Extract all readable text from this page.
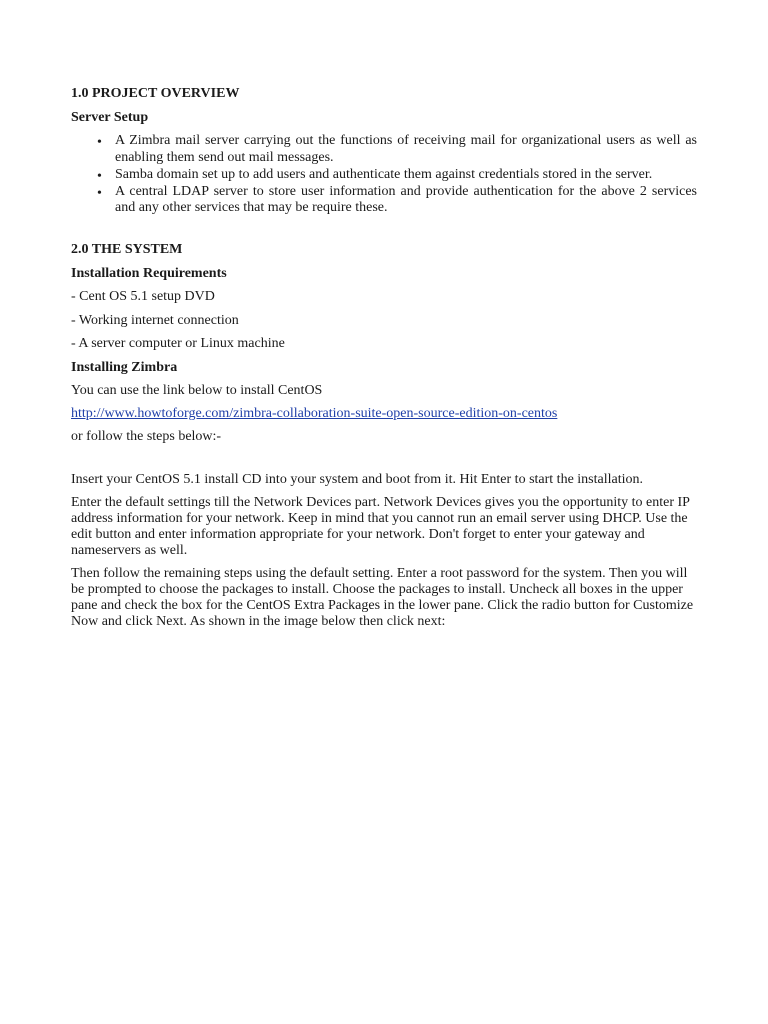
1.0 PROJECT OVERVIEW
Server Setup
• A Zimbra mail server carrying out the functions of receiving mail for organizational users as well as enabling them send out mail messages.
• Samba domain set up to add users and authenticate them against credentials stored in the server.
• A central LDAP server to store user information and provide authentication for the above 2 services and any other services that may be require these.
2.0 THE SYSTEM
Installation Requirements
- Cent OS 5.1 setup DVD
- Working internet connection
- A server computer or Linux machine
Installing Zimbra
You can use the link below to install CentOS
http://www.howtoforge.com/zimbra-collaboration-suite-open-source-edition-on-centos
or follow the steps below:-
Insert your CentOS 5.1 install CD into your system and boot from it. Hit Enter to start the installation.
Enter the default settings till the Network Devices part. Network Devices gives you the opportunity to enter IP address information for your network. Keep in mind that you cannot run an email server using DHCP. Use the edit button and enter information appropriate for your network. Don't forget to enter your gateway and nameservers as well.
Then follow the remaining steps using the default setting. Enter a root password for the system. Then you will be prompted to choose the packages to install. Choose the packages to install. Uncheck all boxes in the upper pane and check the box for the CentOS Extra Packages in the lower pane. Click the radio button for Customize Now and click Next. As shown in the image below then click next:
